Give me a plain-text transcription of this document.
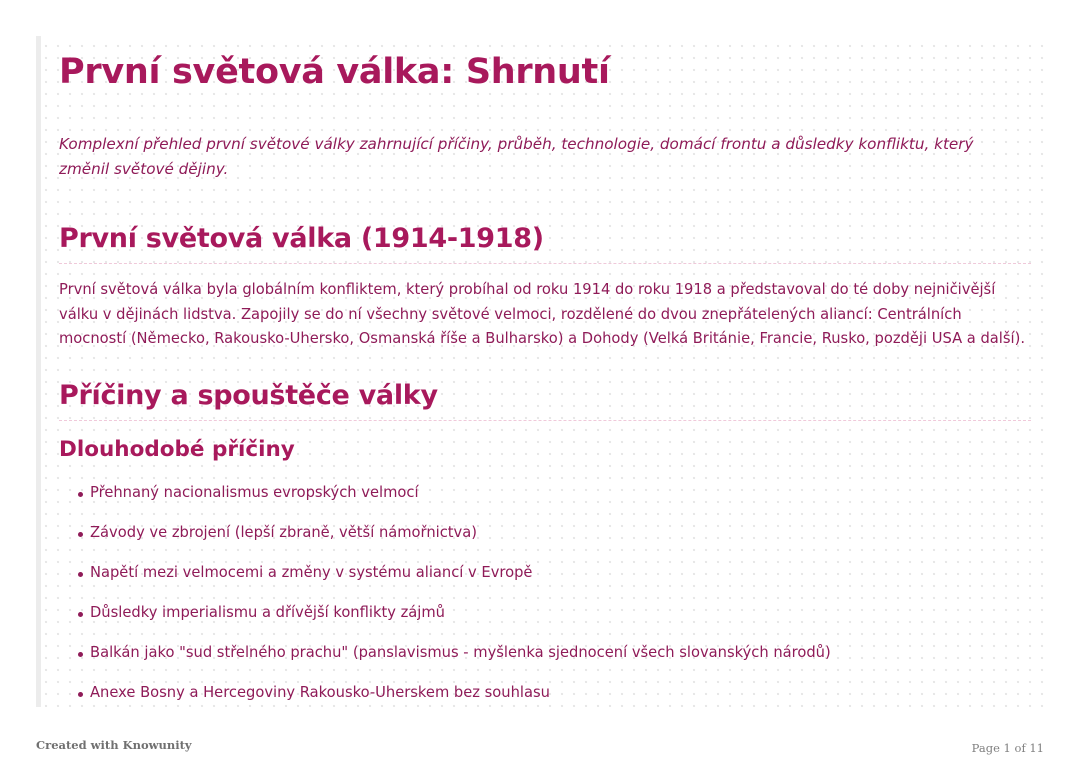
První světová válka: Shrnutí

Komplexní přehled první světové války zahrnující příčiny, průběh, technologie, domácí frontu a důsledky konfliktu, který změnil světové dějiny.

První světová válka (1914-1918)

První světová válka byla globálním konfliktem, který probíhal od roku 1914 do roku 1918 a představoval do té doby nejničivější válku v dějinách lidstva. Zapojily se do ní všechny světové velmoci, rozdělené do dvou znepřátelených aliancí: Centrálních mocností (Německo, Rakousko-Uhersko, Osmanská říše a Bulharsko) a Dohody (Velká Británie, Francie, Rusko, později USA a další).

Příčiny a spouštěče války
Dlouhodobé příčiny
Přehnaný nacionalismus evropských velmocí
Závody ve zbrojení (lepší zbraně, větší námořnictva)
Napětí mezi velmocemi a změny v systému aliancí v Evropě
Důsledky imperialismu a dřívější konflikty zájmů
Balkán jako "sud střelného prachu" (panslavismus - myšlenka sjednocení všech slovanských národů)
Anexe Bosny a Hercegoviny Rakousko-Uherskem bez souhlasu
Created with Knowunity	Page 1 of 11
